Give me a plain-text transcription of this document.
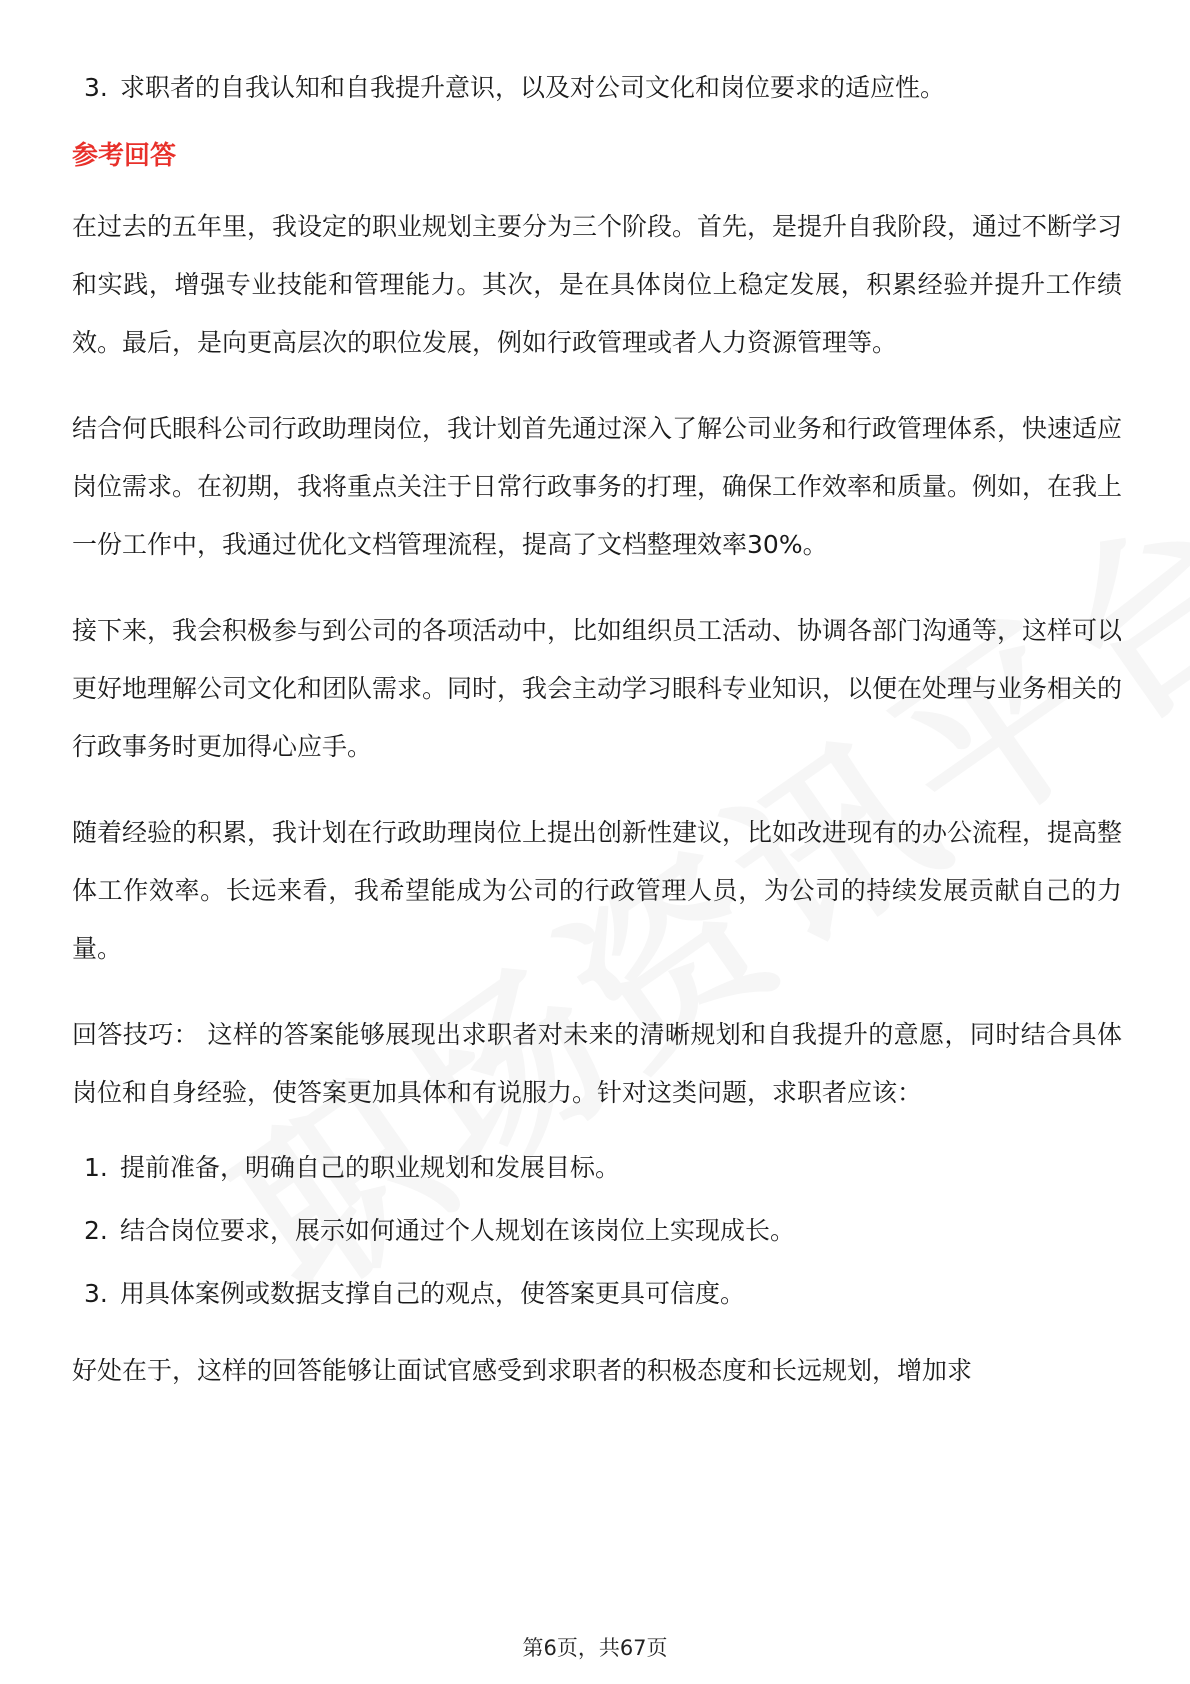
3. 求职者的自我认知和自我提升意识，以及对公司文化和岗位要求的适应性。
参考回答

在过去的五年里，我设定的职业规划主要分为三个阶段。首先，是提升自我阶段，通过不断学习和实践，增强专业技能和管理能力。其次，是在具体岗位上稳定发展，积累经验并提升工作绩效。最后，是向更高层次的职位发展，例如行政管理或者人力资源管理等。

结合何氏眼科公司行政助理岗位，我计划首先通过深入了解公司业务和行政管理体系，快速适应岗位需求。在初期，我将重点关注于日常行政事务的打理，确保工作效率和质量。例如，在我上一份工作中，我通过优化文档管理流程，提高了文档整理效率30%。

接下来，我会积极参与到公司的各项活动中，比如组织员工活动、协调各部门沟通等，这样可以更好地理解公司文化和团队需求。同时，我会主动学习眼科专业知识，以便在处理与业务相关的行政事务时更加得心应手。

随着经验的积累，我计划在行政助理岗位上提出创新性建议，比如改进现有的办公流程，提高整体工作效率。长远来看，我希望能成为公司的行政管理人员，为公司的持续发展贡献自己的力量。

回答技巧： 这样的答案能够展现出求职者对未来的清晰规划和自我提升的意愿，同时结合具体岗位和自身经验，使答案更加具体和有说服力。针对这类问题，求职者应该：

1. 提前准备，明确自己的职业规划和发展目标。
2. 结合岗位要求，展示如何通过个人规划在该岗位上实现成长。
3. 用具体案例或数据支撑自己的观点，使答案更具可信度。

好处在于，这样的回答能够让面试官感受到求职者的积极态度和长远规划，增加求

第6页，共67页
